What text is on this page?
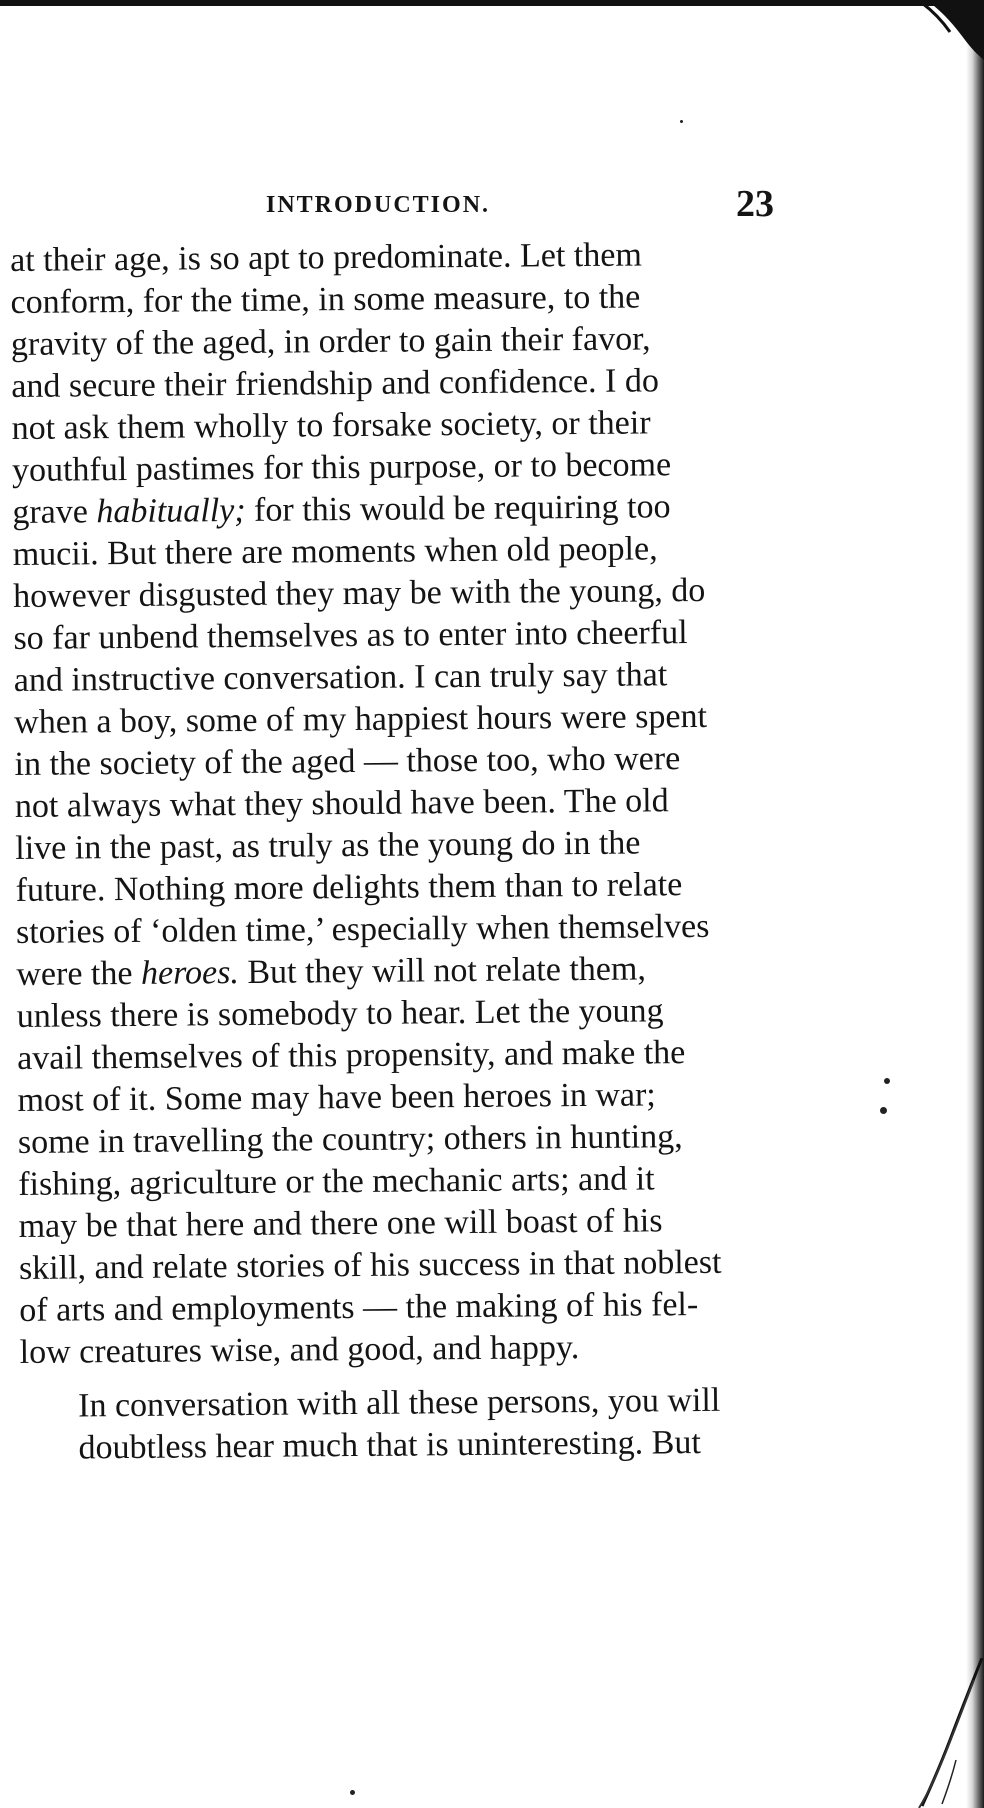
INTRODUCTION.	23
at their age, is so apt to predominate. Let them
conform, for the time, in some measure, to the
gravity of the aged, in order to gain their favor,
and secure their friendship and confidence. I do
not ask them wholly to forsake society, or their
youthful pastimes for this purpose, or to become
grave habitually; for this would be requiring too
mucii. But there are moments when old people,
however disgusted they may be with the young, do
so far unbend themselves as to enter into cheerful
and instructive conversation. I can truly say that
when a boy, some of my happiest hours were spent
in the society of the aged — those too, who were
not always what they should have been. The old
live in the past, as truly as the young do in the
future. Nothing more delights them than to relate
stories of ‘olden time,’ especially when themselves
were the heroes. But they will not relate them,
unless there is somebody to hear. Let the young
avail themselves of this propensity, and make the
most of it. Some may have been heroes in war;
some in travelling the country; others in hunting,
fishing, agriculture or the mechanic arts; and it
may be that here and there one will boast of his
skill, and relate stories of his success in that noblest
of arts and employments — the making of his fel-
low creatures wise, and good, and happy.
In conversation with all these persons, you will
doubtless hear much that is uninteresting. But
